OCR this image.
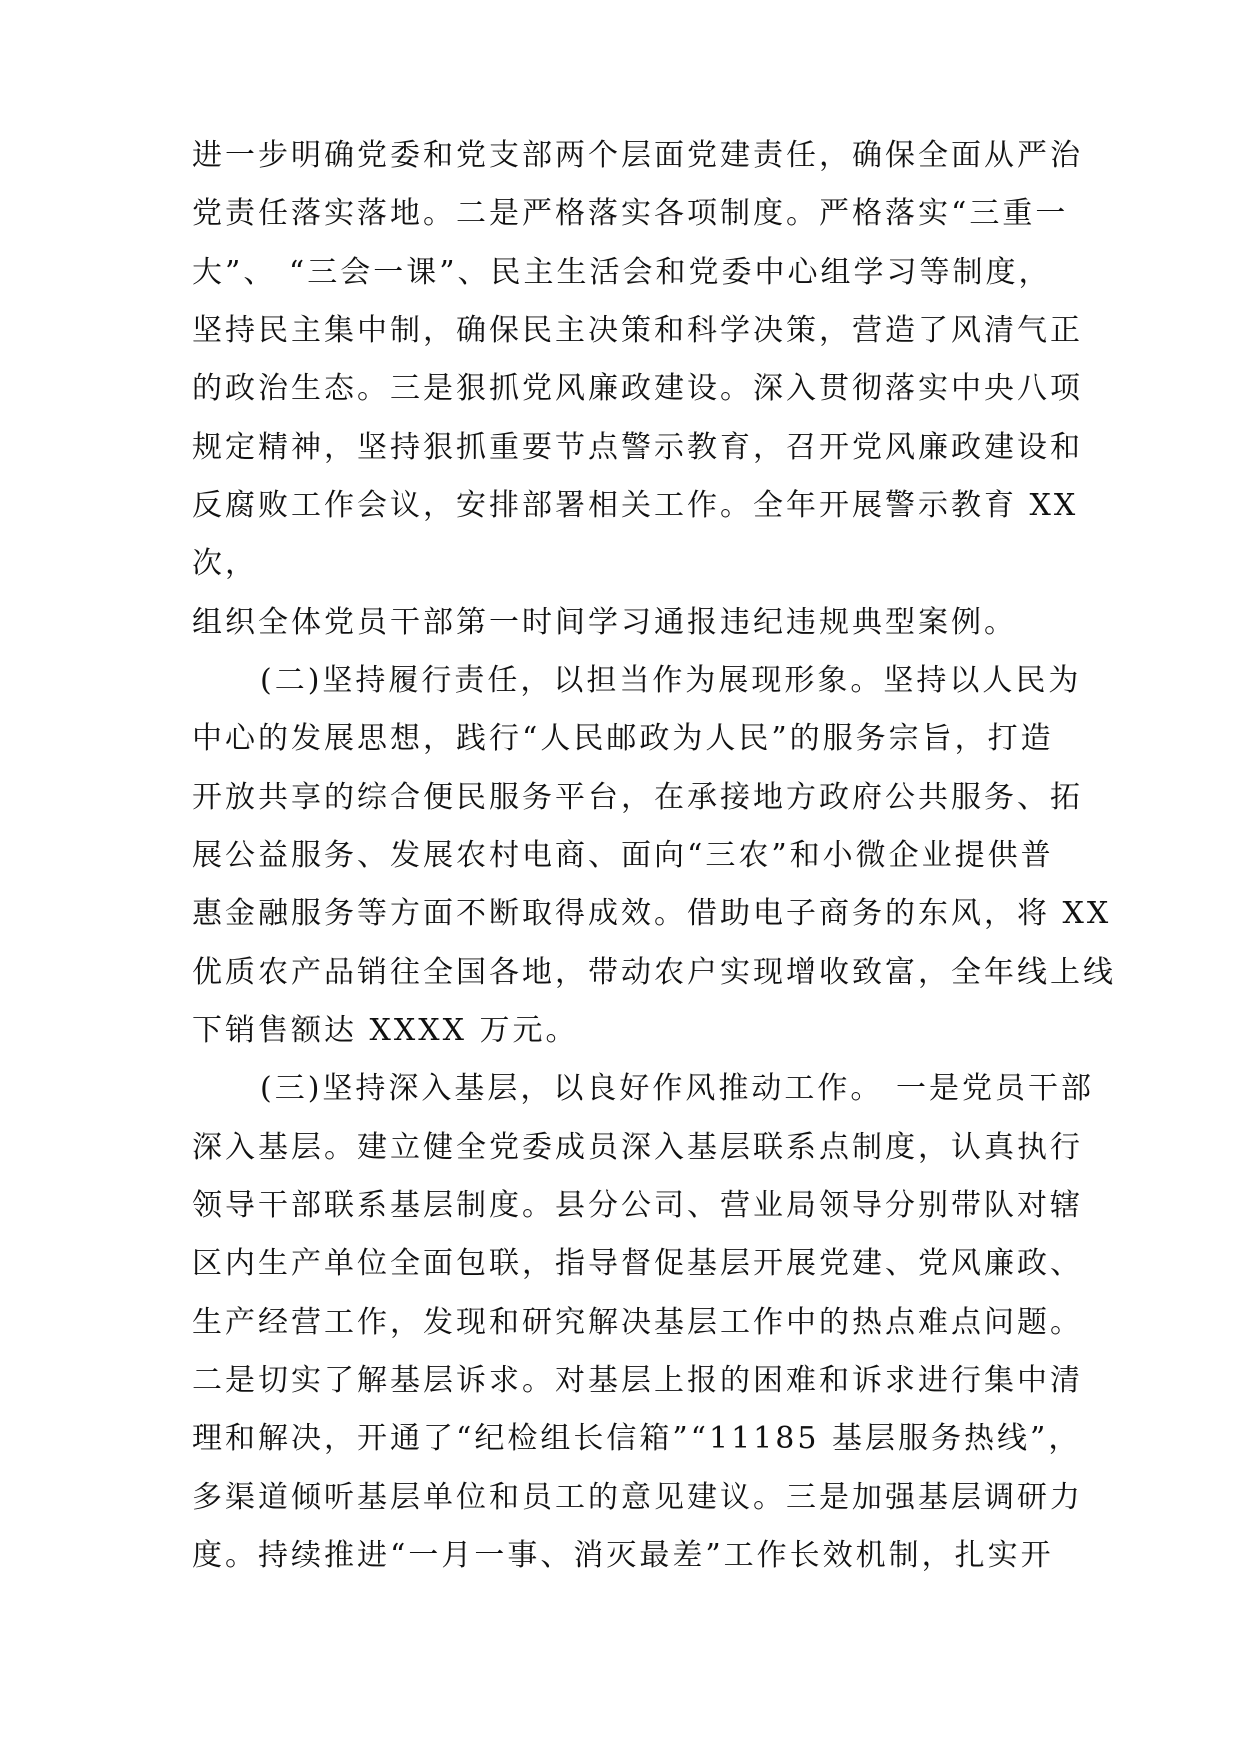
进一步明确党委和党支部两个层面党建责任，确保全面从严治
党责任落实落地。二是严格落实各项制度。严格落实“三重一
大”、 “三会一课”、民主生活会和党委中心组学习等制度，
坚持民主集中制，确保民主决策和科学决策，营造了风清气正
的政治生态。三是狠抓党风廉政建设。深入贯彻落实中央八项
规定精神，坚持狠抓重要节点警示教育，召开党风廉政建设和
反腐败工作会议，安排部署相关工作。全年开展警示教育 XX
次，
组织全体党员干部第一时间学习通报违纪违规典型案例。
(二)坚持履行责任，以担当作为展现形象。坚持以人民为
中心的发展思想，践行“人民邮政为人民”的服务宗旨，打造
开放共享的综合便民服务平台，在承接地方政府公共服务、拓
展公益服务、发展农村电商、面向“三农”和小微企业提供普
惠金融服务等方面不断取得成效。借助电子商务的东风，将 XX
优质农产品销往全国各地，带动农户实现增收致富，全年线上线
下销售额达 XXXX 万元。
(三)坚持深入基层，以良好作风推动工作。 一是党员干部
深入基层。建立健全党委成员深入基层联系点制度，认真执行
领导干部联系基层制度。县分公司、营业局领导分别带队对辖
区内生产单位全面包联，指导督促基层开展党建、党风廉政、
生产经营工作，发现和研究解决基层工作中的热点难点问题。
二是切实了解基层诉求。对基层上报的困难和诉求进行集中清
理和解决，开通了“纪检组长信箱”“11185 基层服务热线”，
多渠道倾听基层单位和员工的意见建议。三是加强基层调研力
度。持续推进“一月一事、消灭最差”工作长效机制，扎实开
